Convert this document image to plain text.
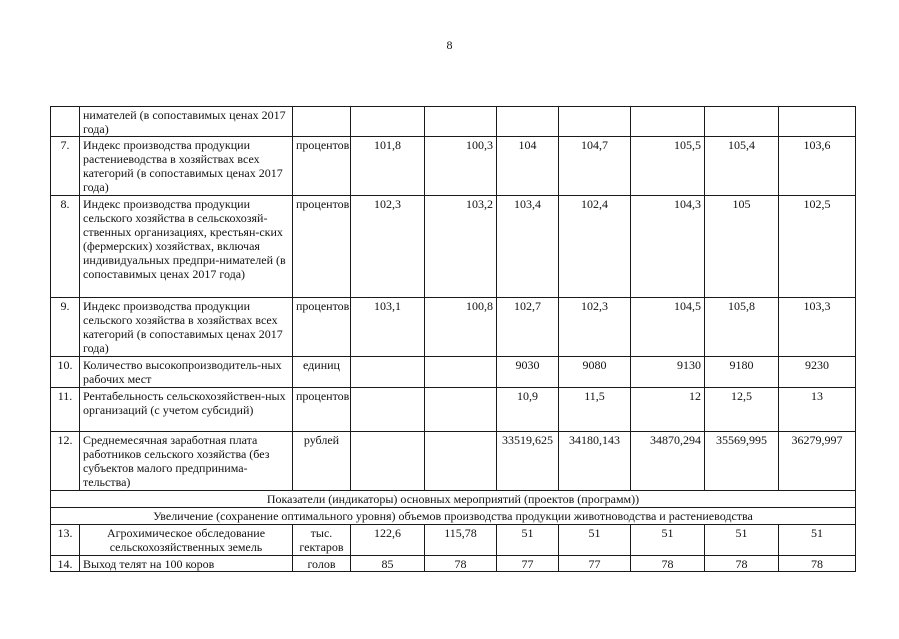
8
	нимателей (в сопоставимых ценах 2017 года)								
7.	Индекс производства продукции растениеводства в хозяйствах всех категорий (в сопоставимых ценах 2017 года)	процентов	101,8	100,3	104	104,7	105,5	105,4	103,6
8.	Индекс производства продукции сельского хозяйства в сельскохозяй-ственных организациях, крестьян-ских (фермерских) хозяйствах, включая индивидуальных предпри-нимателей (в сопоставимых ценах 2017 года)	процентов	102,3	103,2	103,4	102,4	104,3	105	102,5
9.	Индекс производства продукции сельского хозяйства в хозяйствах всех категорий (в сопоставимых ценах 2017 года)	процентов	103,1	100,8	102,7	102,3	104,5	105,8	103,3
10.	Количество высокопроизводитель-ных рабочих мест	единиц			9030	9080	9130	9180	9230
11.	Рентабельность сельскохозяйствен-ных организаций (с учетом субсидий)	процентов			10,9	11,5	12	12,5	13
12.	Среднемесячная заработная плата работников сельского хозяйства (без субъектов малого предпринима-тельства)	рублей			33519,625	34180,143	34870,294	35569,995	36279,997
Показатели (индикаторы) основных мероприятий (проектов (программ))									
Увеличение (сохранение оптимального уровня) объемов производства продукции животноводства и растениеводства									
13.	Агрохимическое обследование сельскохозяйственных земель	тыс. гектаров	122,6	115,78	51	51	51	51	51
14.	Выход телят на 100 коров	голов	85	78	77	77	78	78	78
